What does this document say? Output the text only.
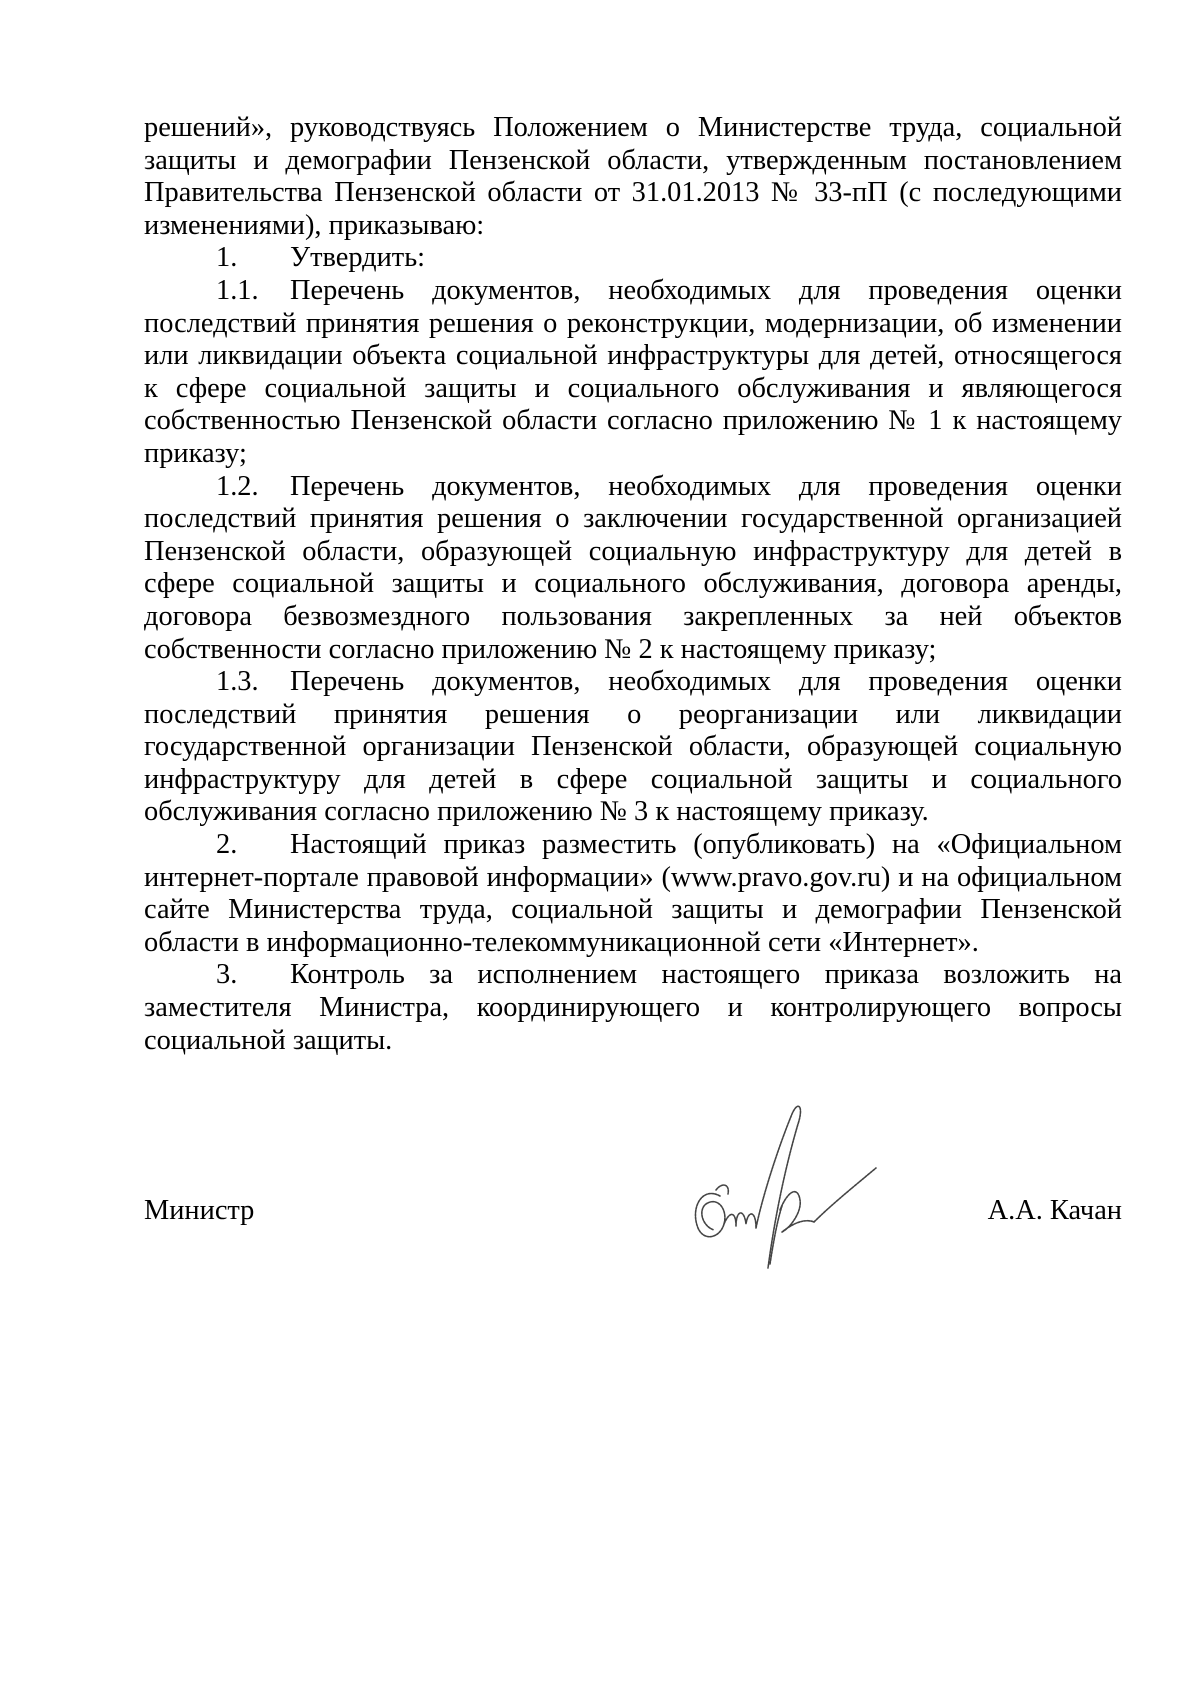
решений», руководствуясь Положением о Министерстве труда, социальной защиты и демографии Пензенской области, утвержденным постановлением Правительства Пензенской области от 31.01.2013 № 33-пП (с последующими изменениями), приказываю:

1. Утвердить:

1.1. Перечень документов, необходимых для проведения оценки последствий принятия решения о реконструкции, модернизации, об изменении или ликвидации объекта социальной инфраструктуры для детей, относящегося к сфере социальной защиты и социального обслуживания и являющегося собственностью Пензенской области согласно приложению № 1 к настоящему приказу;

1.2. Перечень документов, необходимых для проведения оценки последствий принятия решения о заключении государственной организацией Пензенской области, образующей социальную инфраструктуру для детей в сфере социальной защиты и социального обслуживания, договора аренды, договора безвозмездного пользования закрепленных за ней объектов собственности согласно приложению № 2 к настоящему приказу;

1.3. Перечень документов, необходимых для проведения оценки последствий принятия решения о реорганизации или ликвидации государственной организации Пензенской области, образующей социальную инфраструктуру для детей в сфере социальной защиты и социального обслуживания согласно приложению № 3 к настоящему приказу.

2. Настоящий приказ разместить (опубликовать) на «Официальном интернет-портале правовой информации» (www.pravo.gov.ru) и на официальном сайте Министерства труда, социальной защиты и демографии Пензенской области в информационно-телекоммуникационной сети «Интернет».

3. Контроль за исполнением настоящего приказа возложить на заместителя Министра, координирующего и контролирующего вопросы социальной защиты.

Министр	А.А. Качан
